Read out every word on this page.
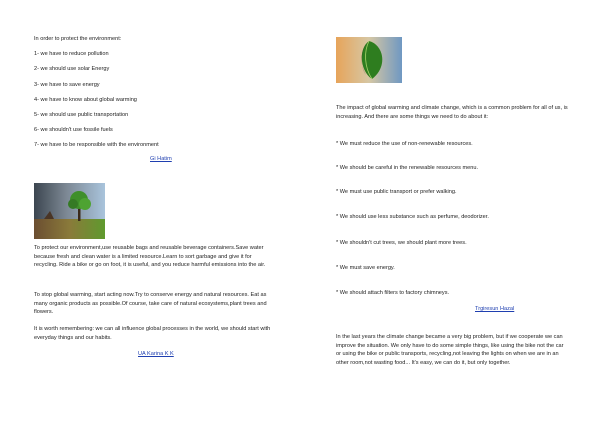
In order to protect the environment:

1- we have to reduce pollution
2- we should use solar Energy
3- we have to save energy
4- we have to know about global warming
5- we should use public transportation
6- we shouldn't use fossile fuels
7- we have to be responsible with the environment
Gi Hatim

To protect our environment,use reusable bags and reusable beverage containers.Save water because fresh and clean water is a limited resource.Learn to sort garbage and give it for recycling. Ride a bike or go on foot, it is useful, and you reduce harmful emissions into the air.

To stop global warming, start acting now.Try to conserve energy and natural resources. Eat as many organic products as possible.Of course, take care of natural ecosystems,plant trees and flowers.

It is worth remembering: we can all influence global processes in the world, we should start with everyday things and our habits.

UA Karina K K

The impact of global warming and climate change, which is a common problem for all of us, is increasing. And there are some things we need to do about it:

* We must reduce the use of non-renewable resources.
* We should be careful in the renewable resources menu.
* We must use public transport or prefer walking.
* We should use less substance such as perfume, deodorizer.
* We shouldn't cut trees, we should plant more trees.
* We must save energy.
* We should attach filters to factory chimneys.
Trgiresun Hazal

In the last years the climate change became a very big problem, but if we cooperate we can improve the situation. We only have to do some simple things, like using the bike not the car or using the bike or public transports, recycling,not leaving the lights on when we are in an other room,not wasting food... It's easy, we can do it, but only together.
